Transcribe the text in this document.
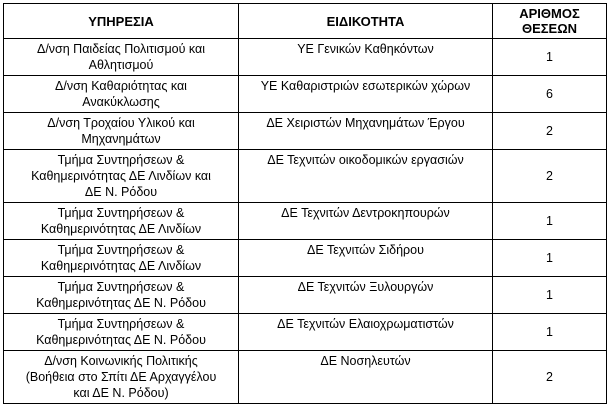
ΥΠΗΡΕΣΙΑ	ΕΙΔΙΚΟΤΗΤΑ	ΑΡΙΘΜΟΣ
ΘΕΣΕΩΝ

Δ/νση Παιδείας Πολιτισμού και
Αθλητισμού	ΥΕ Γενικών Καθηκόντων	1

Δ/νση Καθαριότητας και
Ανακύκλωσης	ΥΕ Καθαριστριών εσωτερικών χώρων	6

Δ/νση Τροχαίου Υλικού και
Μηχανημάτων	ΔΕ Χειριστών Μηχανημάτων Έργου	2

Τμήμα Συντηρήσεων &
Καθημερινότητας ΔΕ Λινδίων και
ΔΕ Ν. Ρόδου	ΔΕ Τεχνιτών οικοδομικών εργασιών	2

Τμήμα Συντηρήσεων &
Καθημερινότητας ΔΕ Λινδίων	ΔΕ Τεχνιτών Δεντροκηπουρών	1

Τμήμα Συντηρήσεων &
Καθημερινότητας ΔΕ Λινδίων	ΔΕ Τεχνιτών Σιδήρου	1

Τμήμα Συντηρήσεων &
Καθημερινότητας ΔΕ Ν. Ρόδου	ΔΕ Τεχνιτών Ξυλουργών	1

Τμήμα Συντηρήσεων &
Καθημερινότητας ΔΕ Ν. Ρόδου	ΔΕ Τεχνιτών Ελαιοχρωματιστών	1

Δ/νση Κοινωνικής Πολιτικής
(Βοήθεια στο Σπίτι ΔΕ Αρχαγγέλου
και ΔΕ Ν. Ρόδου)	ΔΕ Νοσηλευτών	2
